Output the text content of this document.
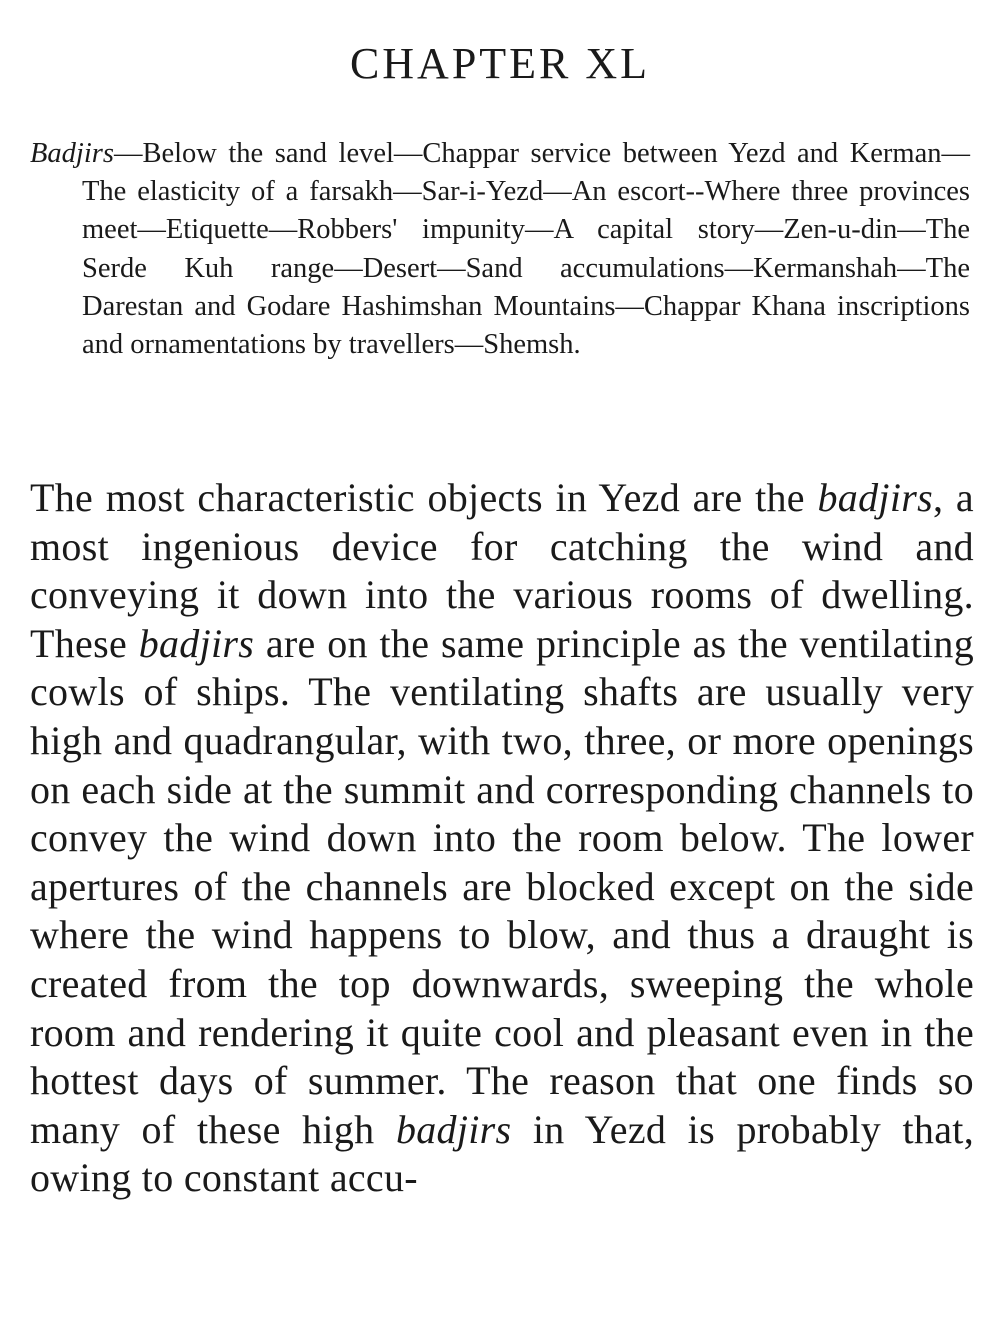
CHAPTER XL

Badjirs—Below the sand level—Chappar service between Yezd and Kerman—The elasticity of a farsakh—Sar-i-Yezd—An escort--Where three provinces meet—Etiquette—Robbers' impunity—A capital story—Zen-u-din—The Serde Kuh range—Desert—Sand accumulations—Kermanshah—The Darestan and Godare Hashimshan Mountains—Chappar Khana inscriptions and ornamentations by travellers—Shemsh.

The most characteristic objects in Yezd are the badjirs, a most ingenious device for catching the wind and conveying it down into the various rooms of dwelling. These badjirs are on the same principle as the ventilating cowls of ships. The ventilating shafts are usually very high and quadrangular, with two, three, or more openings on each side at the summit and corresponding channels to convey the wind down into the room below. The lower apertures of the channels are blocked except on the side where the wind happens to blow, and thus a draught is created from the top downwards, sweeping the whole room and rendering it quite cool and pleasant even in the hottest days of summer. The reason that one finds so many of these high badjirs in Yezd is probably that, owing to constant accu-
